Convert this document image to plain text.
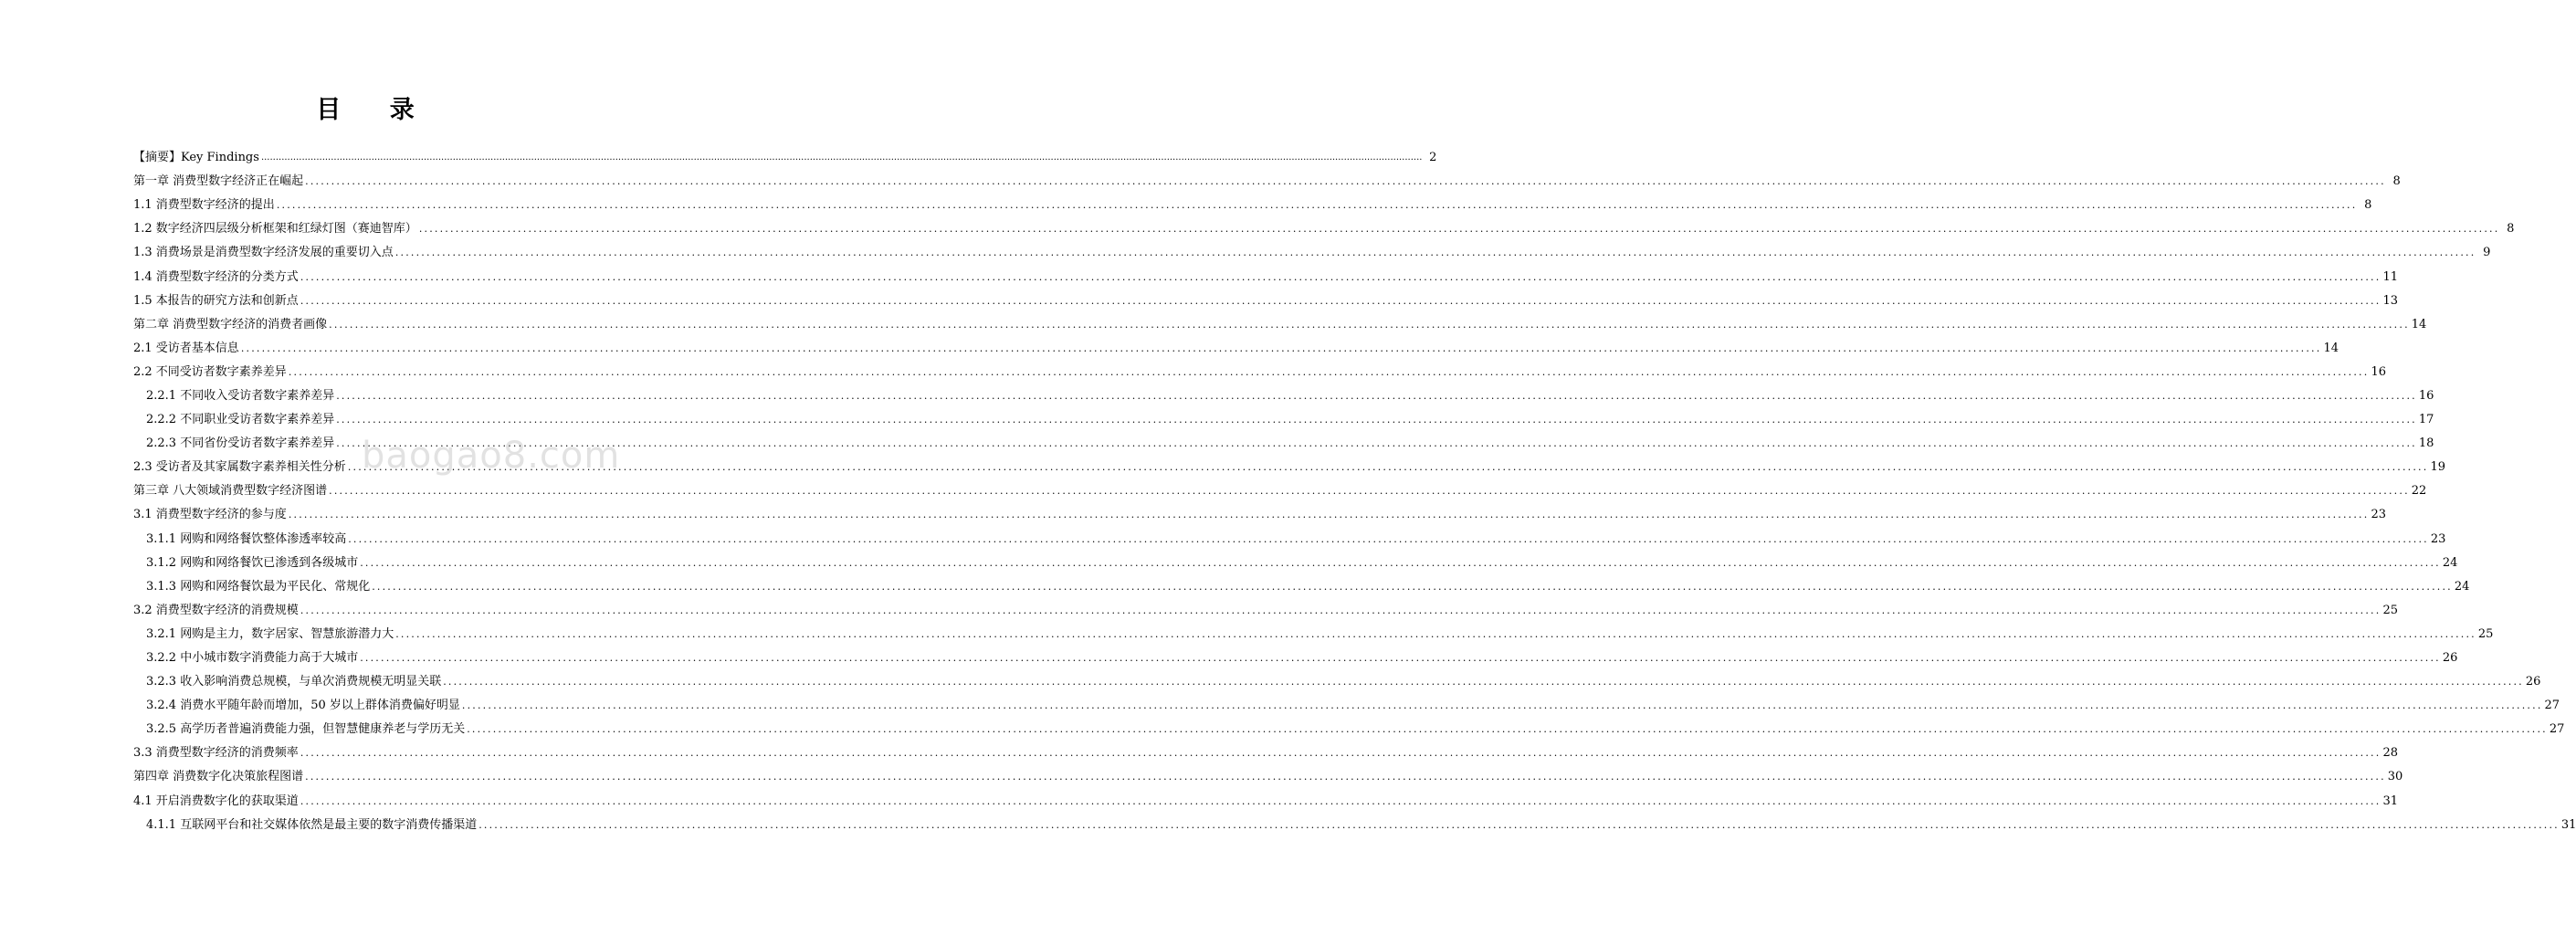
目 录
【摘要】Key Findings ................................................................................................................................................................................................................................................................................................................................................................................................................ 2
第一章 消费型数字经济正在崛起 ................................................................................................................................................................................................................................................................................................................................................................................................................ 8
1.1 消费型数字经济的提出 ................................................................................................................................................................................................................................................................................................................................................................................................................ 8
1.2 数字经济四层级分析框架和红绿灯图（赛迪智库） ................................................................................................................................................................................................................................................................................................................................................................................................................ 8
1.3 消费场景是消费型数字经济发展的重要切入点 ................................................................................................................................................................................................................................................................................................................................................................................................................ 9
1.4 消费型数字经济的分类方式 ................................................................................................................................................................................................................................................................................................................................................................................................................ 11
1.5 本报告的研究方法和创新点 ................................................................................................................................................................................................................................................................................................................................................................................................................ 13
第二章 消费型数字经济的消费者画像 ................................................................................................................................................................................................................................................................................................................................................................................................................ 14
2.1 受访者基本信息 ................................................................................................................................................................................................................................................................................................................................................................................................................ 14
2.2 不同受访者数字素养差异 ................................................................................................................................................................................................................................................................................................................................................................................................................ 16
2.2.1 不同收入受访者数字素养差异 ................................................................................................................................................................................................................................................................................................................................................................................................................ 16
2.2.2 不同职业受访者数字素养差异 ................................................................................................................................................................................................................................................................................................................................................................................................................ 17
2.2.3 不同省份受访者数字素养差异 ................................................................................................................................................................................................................................................................................................................................................................................................................ 18
2.3 受访者及其家属数字素养相关性分析 ................................................................................................................................................................................................................................................................................................................................................................................................................ 19
第三章 八大领域消费型数字经济图谱 ................................................................................................................................................................................................................................................................................................................................................................................................................ 22
3.1 消费型数字经济的参与度 ................................................................................................................................................................................................................................................................................................................................................................................................................ 23
3.1.1 网购和网络餐饮整体渗透率较高 ................................................................................................................................................................................................................................................................................................................................................................................................................ 23
3.1.2 网购和网络餐饮已渗透到各级城市 ................................................................................................................................................................................................................................................................................................................................................................................................................ 24
3.1.3 网购和网络餐饮最为平民化、常规化 ................................................................................................................................................................................................................................................................................................................................................................................................................ 24
3.2 消费型数字经济的消费规模 ................................................................................................................................................................................................................................................................................................................................................................................................................ 25
3.2.1 网购是主力，数字居家、智慧旅游潜力大 ................................................................................................................................................................................................................................................................................................................................................................................................................ 25
3.2.2 中小城市数字消费能力高于大城市 ................................................................................................................................................................................................................................................................................................................................................................................................................ 26
3.2.3 收入影响消费总规模，与单次消费规模无明显关联 ................................................................................................................................................................................................................................................................................................................................................................................................................ 26
3.2.4 消费水平随年龄而增加，50 岁以上群体消费偏好明显 ................................................................................................................................................................................................................................................................................................................................................................................................................ 27
3.2.5 高学历者普遍消费能力强，但智慧健康养老与学历无关 ................................................................................................................................................................................................................................................................................................................................................................................................................ 27
3.3 消费型数字经济的消费频率 ................................................................................................................................................................................................................................................................................................................................................................................................................ 28
第四章 消费数字化决策旅程图谱 ................................................................................................................................................................................................................................................................................................................................................................................................................ 30
4.1 开启消费数字化的获取渠道 ................................................................................................................................................................................................................................................................................................................................................................................................................ 31
4.1.1 互联网平台和社交媒体依然是最主要的数字消费传播渠道 ................................................................................................................................................................................................................................................................................................................................................................................................................ 31
baogao8.com
